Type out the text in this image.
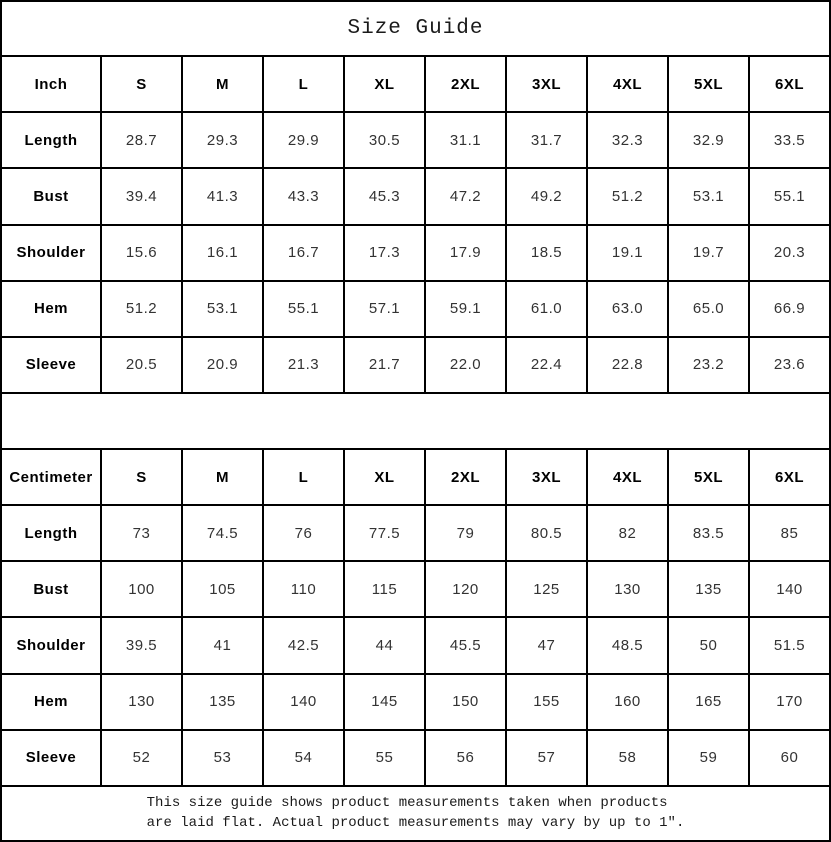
Size Guide									
Inch	S	M	L	XL	2XL	3XL	4XL	5XL	6XL
Length	28.7	29.3	29.9	30.5	31.1	31.7	32.3	32.9	33.5
Bust	39.4	41.3	43.3	45.3	47.2	49.2	51.2	53.1	55.1
Shoulder	15.6	16.1	16.7	17.3	17.9	18.5	19.1	19.7	20.3
Hem	51.2	53.1	55.1	57.1	59.1	61.0	63.0	65.0	66.9
Sleeve	20.5	20.9	21.3	21.7	22.0	22.4	22.8	23.2	23.6

Centimeter	S	M	L	XL	2XL	3XL	4XL	5XL	6XL
Length	73	74.5	76	77.5	79	80.5	82	83.5	85
Bust	100	105	110	115	120	125	130	135	140
Shoulder	39.5	41	42.5	44	45.5	47	48.5	50	51.5
Hem	130	135	140	145	150	155	160	165	170
Sleeve	52	53	54	55	56	57	58	59	60

This size guide shows product measurements taken when products
are laid flat. Actual product measurements may vary by up to 1″.									
